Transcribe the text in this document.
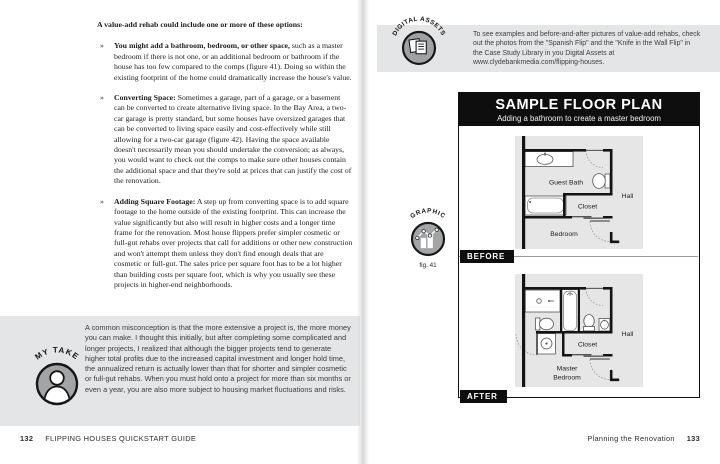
A value-add rehab could include one or more of these options:

»	You might add a bathroom, bedroom, or other space, such as a master bedroom if there is not one, or an additional bedroom or bathroom if the house has too few compared to the comps (figure 41). Doing so within the existing footprint of the home could dramatically increase the house's value.

»	Converting Space: Sometimes a garage, part of a garage, or a basement can be converted to create alternative living space. In the Bay Area, a two-car garage is pretty standard, but some houses have oversized garages that can be converted to living space easily and cost-effectively while still allowing for a two-car garage (figure 42). Having the space available doesn't necessarily mean you should undertake the conversion; as always, you would want to check out the comps to make sure other houses contain the additional space and that they're sold at prices that can justify the cost of the renovation.

»	Adding Square Footage: A step up from converting space is to add square footage to the home outside of the existing footprint. This can increase the value significantly but also will result in higher costs and a longer time frame for the renovation. Most house flippers prefer simpler cosmetic or full-gut rehabs over projects that call for additions or other new construction and won't attempt them unless they don't find enough deals that are cosmetic or full-gut. The sales price per square foot has to be a lot higher than building costs per square foot, which is why you usually see these projects in higher-end neighborhoods.

A common misconception is that the more extensive a project is, the more money you can make. I thought this initially, but after completing some complicated and longer projects, I realized that although the bigger projects tend to generate higher total profits due to the increased capital investment and longer hold time, the annualized return is actually lower than that for shorter and simpler cosmetic or full-gut rehabs. When you must hold onto a project for more than six months or even a year, you are also more subject to housing market fluctuations and risks.

MY TAKE
132 FLIPPING HOUSES QUICKSTART GUIDE

To see examples and before-and-after pictures of value-add rehabs, check out the photos from the "Spanish Flip" and the "Knife in the Wall Flip" in the Case Study Library in you Digital Assets at www.clydebankmedia.com/flipping-houses.

DIGITAL ASSETS
SAMPLE FLOOR PLAN
Adding a bathroom to create a master bedroom
Guest Bath
Closet
Bedroom
Hall
BEFORE
Closet
Master
Bedroom
Hall
AFTER
GRAPHIC
fig. 41
Planning the Renovation 133
